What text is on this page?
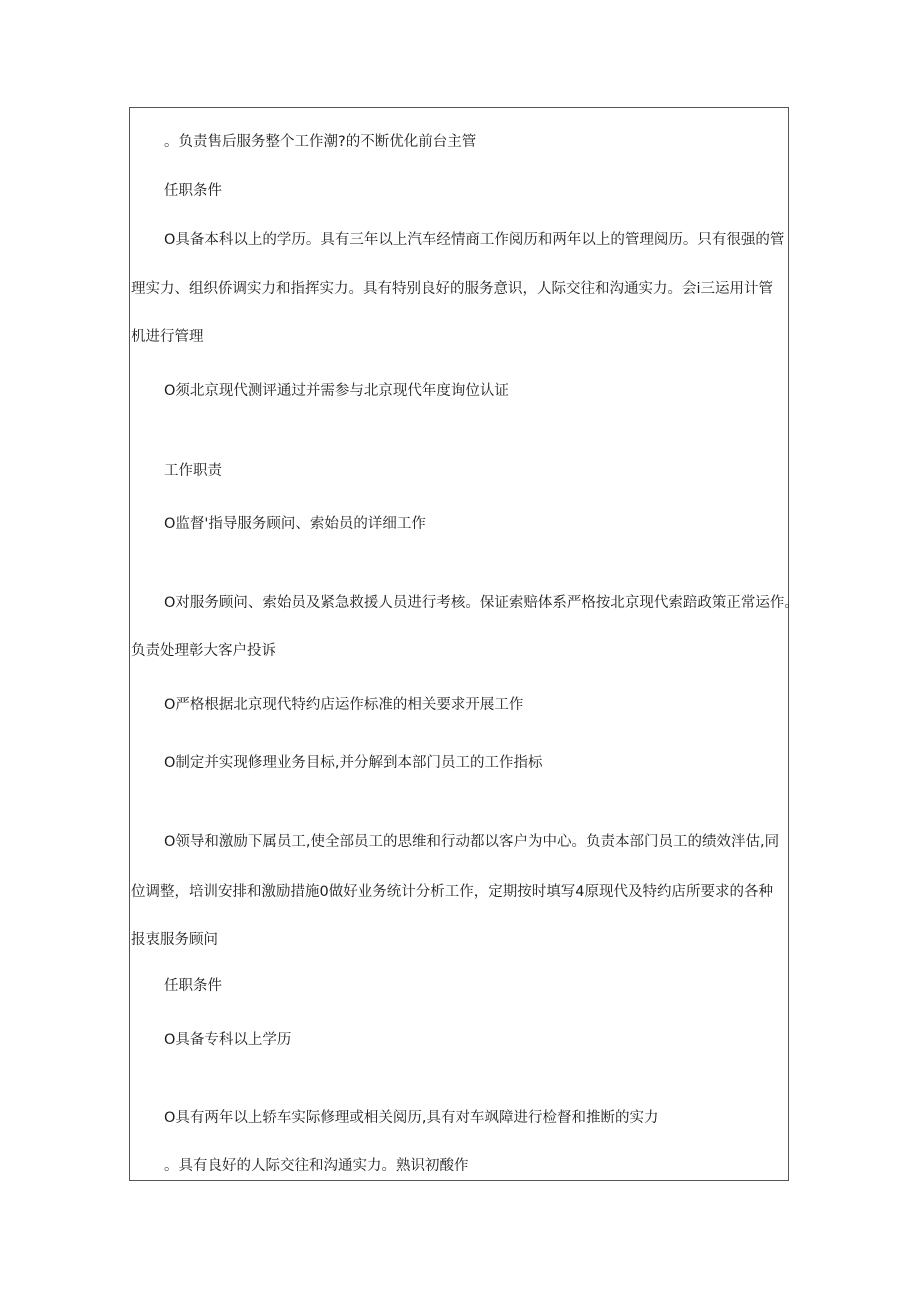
。负责售后服务整个工作潮?的不断优化前台主管
任职条件
O具备本科以上的学历。具有三年以上汽车经情商工作阅历和两年以上的管理阅历。只有很强的管
理实力、组织侨调实力和指挥实力。具有特别良好的服务意识，人际交往和沟通实力。会i三运用计管
机进行管理
O须北京现代测评通过并需参与北京现代年度询位认证
工作职责
O监督'指导服务顾问、索始员的详细工作
O对服务顾问、索始员及紧急救援人员进行考核。保证索赔体系严格按北京现代索踣政策正常运作。
负责处理彰大客户投诉
O严格根据北京现代特约店运作标准的相关要求开展工作
O制定并实现修理业务目标,并分解到本部门员工的工作指标
O领导和激励下属员工,使全部员工的思维和行动都以客户为中心。负责本部门员工的绩效泮估,同
位调整，培训安排和激励措施0做好业务统计分析工作，定期按时填写4原现代及特约店所要求的各种
报衷服务顾问
任职条件
O具备专科以上学历
O具有两年以上轿车实际修理或相关阅历,具有对车飒障进行检督和推断的实力
。具有良好的人际交往和沟通实力。熟识初酸作
